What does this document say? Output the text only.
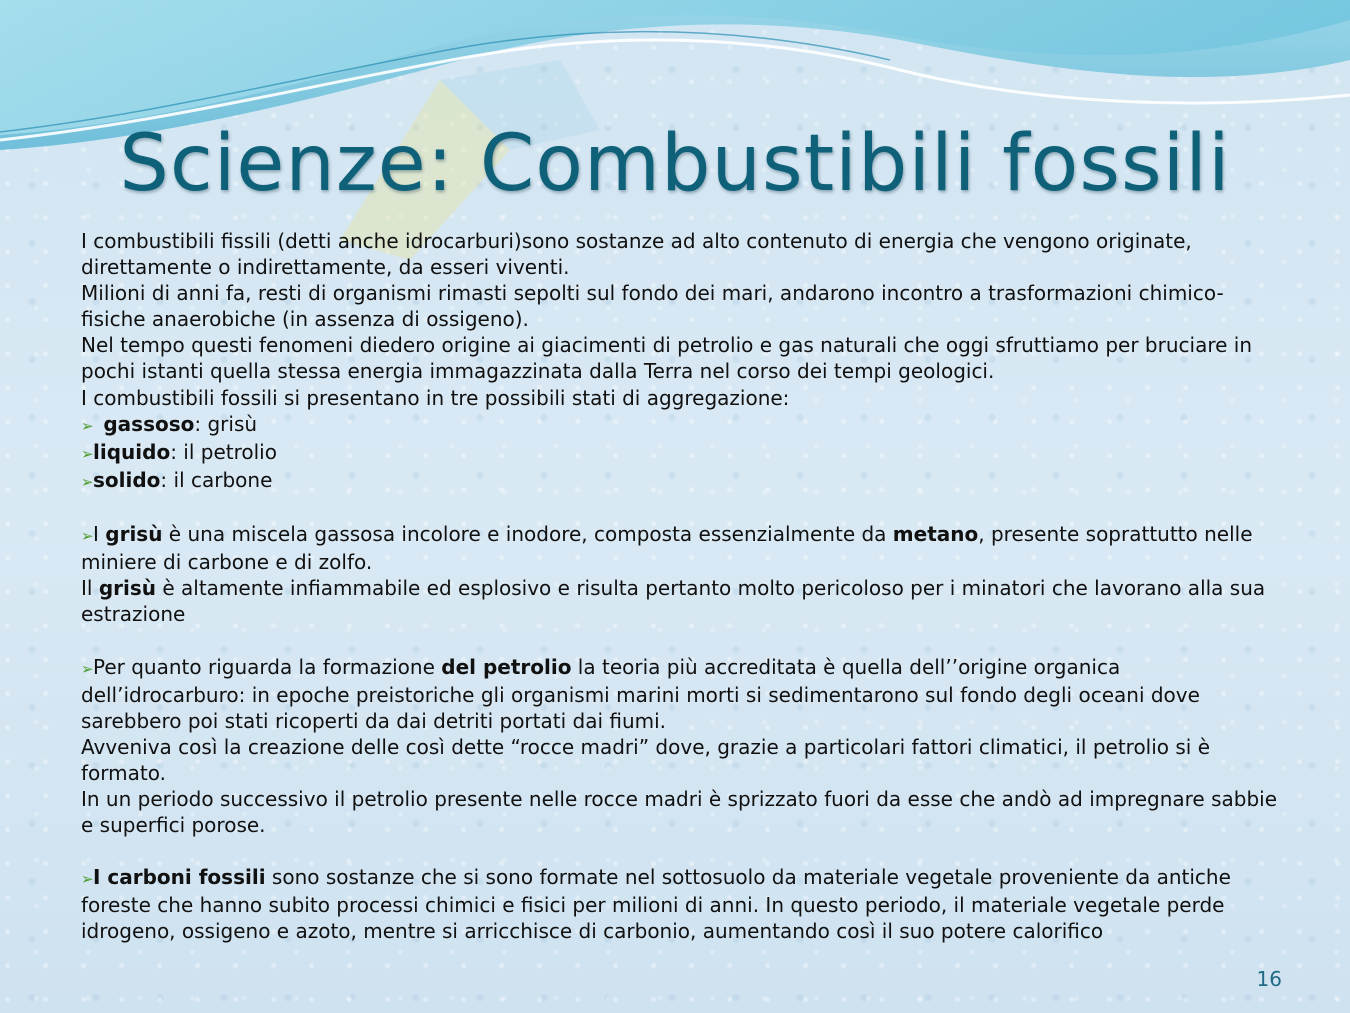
Scienze: Combustibili fossili

I combustibili fissili (detti anche idrocarburi)sono sostanze ad alto contenuto di energia che vengono originate, direttamente o indirettamente, da esseri viventi.

Milioni di anni fa, resti di organismi rimasti sepolti sul fondo dei mari, andarono incontro a trasformazioni chimico-fisiche anaerobiche (in assenza di ossigeno).

Nel tempo questi fenomeni diedero origine ai giacimenti di petrolio e gas naturali che oggi sfruttiamo per bruciare in pochi istanti quella stessa energia immagazzinata dalla Terra nel corso dei tempi geologici.

I combustibili fossili si presentano in tre possibili stati di aggregazione:

➢ gassoso: grisù

➢liquido: il petrolio

➢solido: il carbone

➢I grisù è una miscela gassosa incolore e inodore, composta essenzialmente da metano, presente soprattutto nelle miniere di carbone e di zolfo.

Il grisù è altamente infiammabile ed esplosivo e risulta pertanto molto pericoloso per i minatori che lavorano alla sua estrazione

➢Per quanto riguarda la formazione del petrolio la teoria più accreditata è quella dell’’origine organica dell’idrocarburo: in epoche preistoriche gli organismi marini morti si sedimentarono sul fondo degli oceani dove sarebbero poi stati ricoperti da dai detriti portati dai fiumi.

Avveniva così la creazione delle così dette “rocce madri” dove, grazie a particolari fattori climatici, il petrolio si è formato.

In un periodo successivo il petrolio presente nelle rocce madri è sprizzato fuori da esse che andò ad impregnare sabbie e superfici porose.

➢I carboni fossili sono sostanze che si sono formate nel sottosuolo da materiale vegetale proveniente da antiche foreste che hanno subito processi chimici e fisici per milioni di anni. In questo periodo, il materiale vegetale perde idrogeno, ossigeno e azoto, mentre si arricchisce di carbonio, aumentando così il suo potere calorifico

16
